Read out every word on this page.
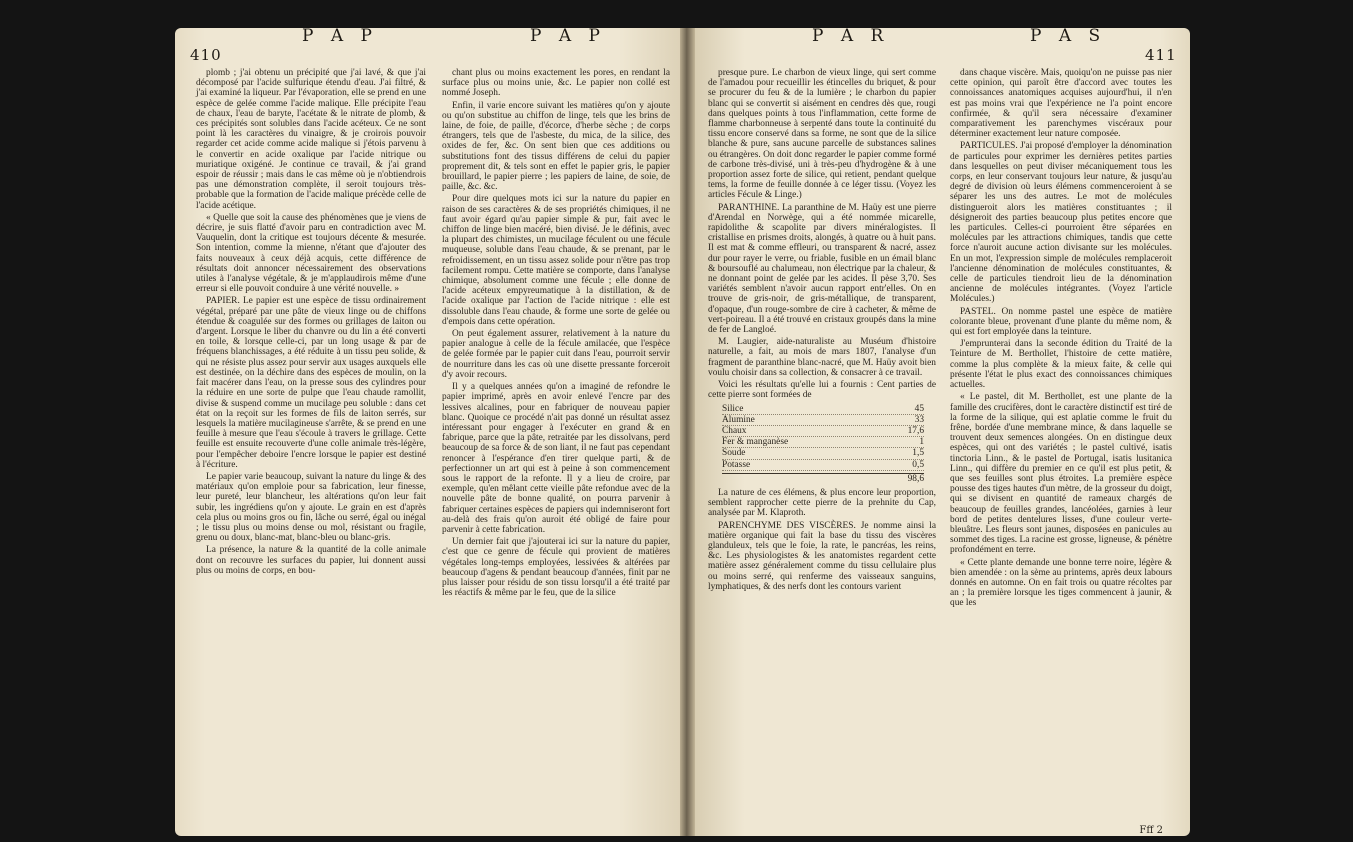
410
P A P	P A P	P A R	P A S
411

plomb ; j'ai obtenu un précipité que j'ai lavé, & que j'ai décomposé par l'acide sulfurique étendu d'eau. J'ai filtré, & j'ai examiné la liqueur. Par l'évaporation, elle se prend en une espèce de gelée comme l'acide malique. Elle précipite l'eau de chaux, l'eau de baryte, l'acétate & le nitrate de plomb, & ces précipités sont solubles dans l'acide acéteux. Ce ne sont point là les caractères du vinaigre, & je croirois pouvoir regarder cet acide comme acide malique si j'étois parvenu à le convertir en acide oxalique par l'acide nitrique ou muriatique oxigéné. Je continue ce travail, & j'ai grand espoir de réussir ; mais dans le cas même où je n'obtiendrois pas une démonstration complète, il seroit toujours très-probable que la formation de l'acide malique précède celle de l'acide acétique.

« Quelle que soit la cause des phénomènes que je viens de décrire, je suis flatté d'avoir paru en contradiction avec M. Vauquelin, dont la critique est toujours décente & mesurée. Son intention, comme la mienne, n'étant que d'ajouter des faits nouveaux à ceux déjà acquis, cette différence de résultats doit annoncer nécessairement des observations utiles à l'analyse végétale, & je m'applaudirois même d'une erreur si elle pouvoit conduire à une vérité nouvelle. »

PAPIER. Le papier est une espèce de tissu ordinairement végétal, préparé par une pâte de vieux linge ou de chiffons étendue & coagulée sur des formes ou grillages de laiton ou d'argent. Lorsque le liber du chanvre ou du lin a été converti en toile, & lorsque celle-ci, par un long usage & par de fréquens blanchissages, a été réduite à un tissu peu solide, & qui ne résiste plus assez pour servir aux usages auxquels elle est destinée, on la déchire dans des espèces de moulin, on la fait macérer dans l'eau, on la presse sous des cylindres pour la réduire en une sorte de pulpe que l'eau chaude ramollit, divise & suspend comme un mucilage peu soluble : dans cet état on la reçoit sur les formes de fils de laiton serrés, sur lesquels la matière mucilagineuse s'arrête, & se prend en une feuille à mesure que l'eau s'écoule à travers le grillage. Cette feuille est ensuite recouverte d'une colle animale très-légère, pour l'empêcher deboire l'encre lorsque le papier est destiné à l'écriture.

Le papier varie beaucoup, suivant la nature du linge & des matériaux qu'on emploie pour sa fabrication, leur finesse, leur pureté, leur blancheur, les altérations qu'on leur fait subir, les ingrédiens qu'on y ajoute. Le grain en est d'après cela plus ou moins gros ou fin, lâche ou serré, égal ou inégal ; le tissu plus ou moins dense ou mol, résistant ou fragile, grenu ou doux, blanc-mat, blanc-bleu ou blanc-gris.

La présence, la nature & la quantité de la colle animale dont on recouvre les surfaces du papier, lui donnent aussi plus ou moins de corps, en bou-

chant plus ou moins exactement les pores, en rendant la surface plus ou moins unie, &c. Le papier non collé est nommé Joseph.

Enfin, il varie encore suivant les matières qu'on y ajoute ou qu'on substitue au chiffon de linge, tels que les brins de laine, de foie, de paille, d'écorce, d'herbe sèche ; de corps étrangers, tels que de l'asbeste, du mica, de la silice, des oxides de fer, &c. On sent bien que ces additions ou substitutions font des tissus différens de celui du papier proprement dit, & tels sont en effet le papier gris, le papier brouillard, le papier pierre ; les papiers de laine, de soie, de paille, &c. &c.

Pour dire quelques mots ici sur la nature du papier en raison de ses caractères & de ses propriétés chimiques, il ne faut avoir égard qu'au papier simple & pur, fait avec le chiffon de linge bien macéré, bien divisé. Je le définis, avec la plupart des chimistes, un mucilage féculent ou une fécule muqueuse, soluble dans l'eau chaude, & se prenant, par le refroidissement, en un tissu assez solide pour n'être pas trop facilement rompu. Cette matière se comporte, dans l'analyse chimique, absolument comme une fécule ; elle donne de l'acide acéteux empyreumatique à la distillation, & de l'acide oxalique par l'action de l'acide nitrique : elle est dissoluble dans l'eau chaude, & forme une sorte de gelée ou d'empois dans cette opération.

On peut également assurer, relativement à la nature du papier analogue à celle de la fécule amilacée, que l'espèce de gelée formée par le papier cuit dans l'eau, pourroit servir de nourriture dans les cas où une disette pressante forceroit d'y avoir recours.

Il y a quelques années qu'on a imaginé de refondre le papier imprimé, après en avoir enlevé l'encre par des lessives alcalines, pour en fabriquer de nouveau papier blanc. Quoique ce procédé n'ait pas donné un résultat assez intéressant pour engager à l'exécuter en grand & en fabrique, parce que la pâte, retraitée par les dissolvans, perd beaucoup de sa force & de son liant, il ne faut pas cependant renoncer à l'espérance d'en tirer quelque parti, & de perfectionner un art qui est à peine à son commencement sous le rapport de la refonte. Il y a lieu de croire, par exemple, qu'en mêlant cette vieille pâte refondue avec de la nouvelle pâte de bonne qualité, on pourra parvenir à fabriquer certaines espèces de papiers qui indemniseront fort au-delà des frais qu'on auroit été obligé de faire pour parvenir à cette fabrication.

Un dernier fait que j'ajouterai ici sur la nature du papier, c'est que ce genre de fécule qui provient de matières végétales long-temps employées, lessivées & altérées par beaucoup d'agens & pendant beaucoup d'années, finit par ne plus laisser pour résidu de son tissu lorsqu'il a été traité par les réactifs & même par le feu, que de la silice

presque pure. Le charbon de vieux linge, qui sert comme de l'amadou pour recueillir les étincelles du briquet, & pour se procurer du feu & de la lumière ; le charbon du papier blanc qui se convertit si aisément en cendres dès que, rougi dans quelques points à tous l'inflammation, cette forme de flamme charbonneuse à serpenté dans toute la continuité du tissu encore conservé dans sa forme, ne sont que de la silice blanche & pure, sans aucune parcelle de substances salines ou étrangères. On doit donc regarder le papier comme formé de carbone très-divisé, uni à très-peu d'hydrogène & à une proportion assez forte de silice, qui retient, pendant quelque tems, la forme de feuille donnée à ce léger tissu. (Voyez les articles Fécule & Linge.)

PARANTHINE. La paranthine de M. Haüy est une pierre d'Arendal en Norwège, qui a été nommée micarelle, rapidolithe & scapolite par divers minéralogistes. Il cristallise en prismes droits, alongés, à quatre ou à huit pans. Il est mat & comme effleuri, ou transparent & nacré, assez dur pour rayer le verre, ou friable, fusible en un émail blanc & boursouflé au chalumeau, non électrique par la chaleur, & ne donnant point de gelée par les acides. Il pèse 3,70. Ses variétés semblent n'avoir aucun rapport entr'elles. On en trouve de gris-noir, de gris-métallique, de transparent, d'opaque, d'un rouge-sombre de cire à cacheter, & même de vert-poireau. Il a été trouvé en cristaux groupés dans la mine de fer de Langloé.

M. Laugier, aide-naturaliste au Muséum d'histoire naturelle, a fait, au mois de mars 1807, l'analyse d'un fragment de paranthine blanc-nacré, que M. Haüy avoit bien voulu choisir dans sa collection, & consacrer à ce travail.

Voici les résultats qu'elle lui a fournis : Cent parties de cette pierre sont formées de

Silice	45
Alumine	33
Chaux	17,6
Fer & manganèse	1
Soude	1,5
Potasse	0,5
98,6

La nature de ces élémens, & plus encore leur proportion, semblent rapprocher cette pierre de la prehnite du Cap, analysée par M. Klaproth.

PARENCHYME DES VISCÈRES. Je nomme ainsi la matière organique qui fait la base du tissu des viscères glanduleux, tels que le foie, la rate, le pancréas, les reins, &c. Les physiologistes & les anatomistes regardent cette matière assez généralement comme du tissu cellulaire plus ou moins serré, qui renferme des vaisseaux sanguins, lymphatiques, & des nerfs dont les contours varient

dans chaque viscère. Mais, quoiqu'on ne puisse pas nier cette opinion, qui paroît être d'accord avec toutes les connoissances anatomiques acquises aujourd'hui, il n'en est pas moins vrai que l'expérience ne l'a point encore confirmée, & qu'il sera nécessaire d'examiner comparativement les parenchymes viscéraux pour déterminer exactement leur nature composée.

PARTICULES. J'ai proposé d'employer la dénomination de particules pour exprimer les dernières petites parties dans lesquelles on peut diviser mécaniquement tous les corps, en leur conservant toujours leur nature, & jusqu'au degré de division où leurs élémens commenceroient à se séparer les uns des autres. Le mot de molécules distingueroit alors les matières constituantes ; il désigneroit des parties beaucoup plus petites encore que les particules. Celles-ci pourroient être séparées en molécules par les attractions chimiques, tandis que cette force n'auroit aucune action divisante sur les molécules. En un mot, l'expression simple de molécules remplaceroit l'ancienne dénomination de molécules constituantes, & celle de particules tiendroit lieu de la dénomination ancienne de molécules intégrantes. (Voyez l'article Molécules.)

PASTEL. On nomme pastel une espèce de matière colorante bleue, provenant d'une plante du même nom, & qui est fort employée dans la teinture.

J'emprunterai dans la seconde édition du Traité de la Teinture de M. Berthollet, l'histoire de cette matière, comme la plus complète & la mieux faite, & celle qui présente l'état le plus exact des connoissances chimiques actuelles.

« Le pastel, dit M. Berthollet, est une plante de la famille des crucifères, dont le caractère distinctif est tiré de la forme de la silique, qui est aplatie comme le fruit du frêne, bordée d'une membrane mince, & dans laquelle se trouvent deux semences alongées. On en distingue deux espèces, qui ont des variétés ; le pastel cultivé, isatis tinctoria Linn., & le pastel de Portugal, isatis lusitanica Linn., qui diffère du premier en ce qu'il est plus petit, & que ses feuilles sont plus étroites. La première espèce pousse des tiges hautes d'un mètre, de la grosseur du doigt, qui se divisent en quantité de rameaux chargés de beaucoup de feuilles grandes, lancéolées, garnies à leur bord de petites dentelures lisses, d'une couleur verte-bleuâtre. Les fleurs sont jaunes, disposées en panicules au sommet des tiges. La racine est grosse, ligneuse, & pénètre profondément en terre.

« Cette plante demande une bonne terre noire, légère & bien amendée : on la sème au printems, après deux labours donnés en automne. On en fait trois ou quatre récoltes par an ; la première lorsque les tiges commencent à jaunir, & que les

Fff 2
